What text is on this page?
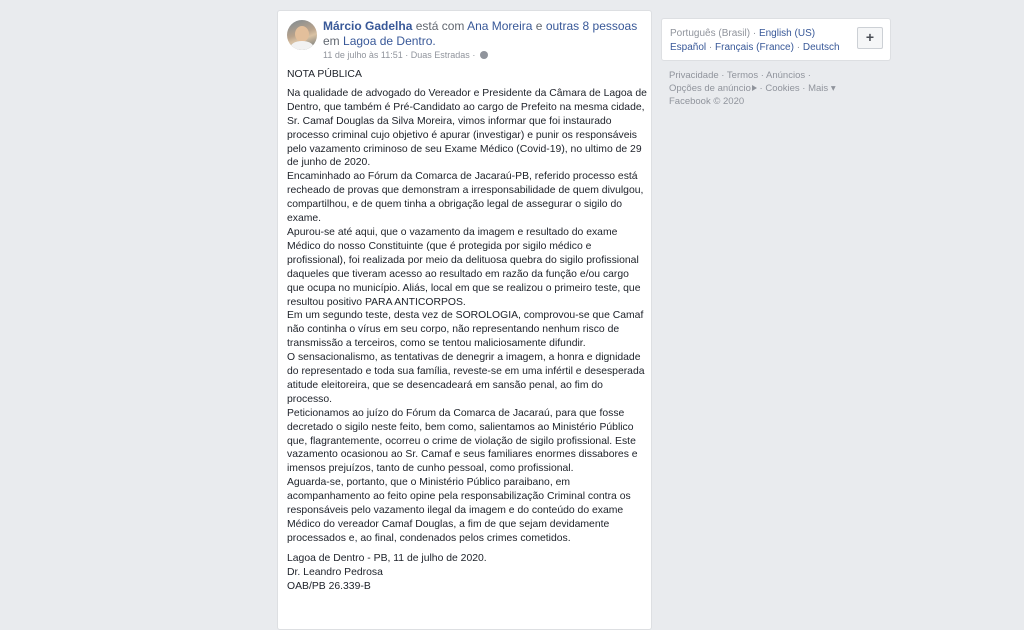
Márcio Gadelha está com Ana Moreira e outras 8 pessoas em Lagoa de Dentro.
11 de julho às 11:51 · Duas Estradas ·

NOTA PÚBLICA

Na qualidade de advogado do Vereador e Presidente da Câmara de Lagoa de Dentro, que também é Pré-Candidato ao cargo de Prefeito na mesma cidade, Sr. Camaf Douglas da Silva Moreira, vimos informar que foi instaurado processo criminal cujo objetivo é apurar (investigar) e punir os responsáveis pelo vazamento criminoso de seu Exame Médico (Covid-19), no ultimo de 29 de junho de 2020.

Encaminhado ao Fórum da Comarca de Jacaraú-PB, referido processo está recheado de provas que demonstram a irresponsabilidade de quem divulgou, compartilhou, e de quem tinha a obrigação legal de assegurar o sigilo do exame.

Apurou-se até aqui, que o vazamento da imagem e resultado do exame Médico do nosso Constituinte (que é protegida por sigilo médico e profissional), foi realizada por meio da delituosa quebra do sigilo profissional daqueles que tiveram acesso ao resultado em razão da função e/ou cargo que ocupa no município. Aliás, local em que se realizou o primeiro teste, que resultou positivo PARA ANTICORPOS.

Em um segundo teste, desta vez de SOROLOGIA, comprovou-se que Camaf não continha o vírus em seu corpo, não representando nenhum risco de transmissão a terceiros, como se tentou maliciosamente difundir.

O sensacionalismo, as tentativas de denegrir a imagem, a honra e dignidade do representado e toda sua família, reveste-se em uma infértil e desesperada atitude eleitoreira, que se desencadeará em sansão penal, ao fim do processo.

Peticionamos ao juízo do Fórum da Comarca de Jacaraú, para que fosse decretado o sigilo neste feito, bem como, salientamos ao Ministério Público que, flagrantemente, ocorreu o crime de violação de sigilo profissional. Este vazamento ocasionou ao Sr. Camaf e seus familiares enormes dissabores e imensos prejuízos, tanto de cunho pessoal, como profissional.

Aguarda-se, portanto, que o Ministério Público paraibano, em acompanhamento ao feito opine pela responsabilização Criminal contra os responsáveis pelo vazamento ilegal da imagem e do conteúdo do exame Médico do vereador Camaf Douglas, a fim de que sejam devidamente processados e, ao final, condenados pelos crimes cometidos.

Lagoa de Dentro - PB, 11 de julho de 2020.

Dr. Leandro Pedrosa

OAB/PB 26.339-B

Português (Brasil) · English (US)
Español · Français (France) · Deutsch
+
Privacidade · Termos · Anúncios ·
Opções de anúncio · Cookies · Mais ▾
Facebook © 2020
